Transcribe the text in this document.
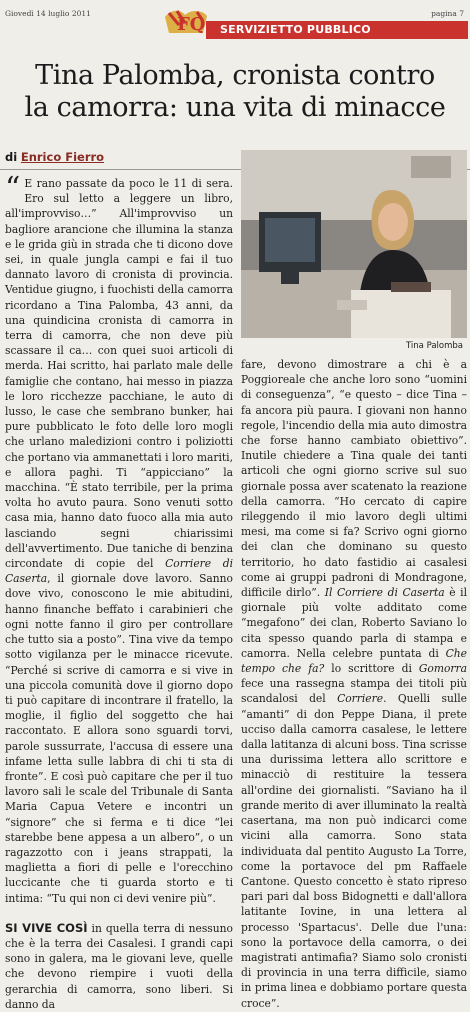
Giovedì 14 luglio 2011
FQ
pagina 7
SERVIZIETTO PUBBLICO
Tina Palomba, cronista contro
la camorra: una vita di minacce
di Enrico Fierro

“ E rano passate da poco le 11 di sera. Ero sul letto a leggere un libro, all'improvviso…” All'improvviso un bagliore arancione che illumina la stanza e le grida giù in strada che ti dicono dove sei, in quale jungla campi e fai il tuo dannato lavoro di cronista di provincia. Ventidue giugno, i fuochisti della camorra ricordano a Tina Palomba, 43 anni, da una quindicina cronista di camorra in terra di camorra, che non deve più scassare il ca… con quei suoi articoli di merda. Hai scritto, hai parlato male delle famiglie che contano, hai messo in piazza le loro ricchezze pacchiane, le auto di lusso, le case che sembrano bunker, hai pure pubblicato le foto delle loro mogli che urlano maledizioni contro i poliziotti che portano via ammanettati i loro mariti, e allora paghi. Ti “appicciano” la macchina. “È stato terribile, per la prima volta ho avuto paura. Sono venuti sotto casa mia, hanno dato fuoco alla mia auto lasciando segni chiarissimi dell'avvertimento. Due taniche di benzina circondate di copie del Corriere di Caserta, il giornale dove lavoro. Sanno dove vivo, conoscono le mie abitudini, hanno finanche beffato i carabinieri che ogni notte fanno il giro per controllare che tutto sia a posto”. Tina vive da tempo sotto vigilanza per le minacce ricevute. “Perché si scrive di camorra e si vive in una piccola comunità dove il giorno dopo ti può capitare di incontrare il fratello, la moglie, il figlio del soggetto che hai raccontato. E allora sono sguardi torvi, parole sussurrate, l'accusa di essere una infame letta sulle labbra di chi ti sta di fronte”. E così può capitare che per il tuo lavoro sali le scale del Tribunale di Santa Maria Capua Vetere e incontri un “signore” che si ferma e ti dice “lei starebbe bene appesa a un albero”, o un ragazzotto con i jeans strappati, la maglietta a fiori di pelle e l'orecchino luccicante che ti guarda storto e ti intima: “Tu qui non ci devi venire più”.

SI VIVE COSÌ in quella terra di nessuno che è la terra dei Casalesi. I grandi capi sono in galera, ma le giovani leve, quelle che devono riempire i vuoti della gerarchia di camorra, sono liberi. Si danno da

Tina Palomba

fare, devono dimostrare a chi è a Poggioreale che anche loro sono “uomini di conseguenza”, “e questo – dice Tina – fa ancora più paura. I giovani non hanno regole, l'incendio della mia auto dimostra che forse hanno cambiato obiettivo”. Inutile chiedere a Tina quale dei tanti articoli che ogni giorno scrive sul suo giornale possa aver scatenato la reazione della camorra. “Ho cercato di capire rileggendo il mio lavoro degli ultimi mesi, ma come si fa? Scrivo ogni giorno dei clan che dominano su questo territorio, ho dato fastidio ai casalesi come ai gruppi padroni di Mondragone, difficile dirlo”. Il Corriere di Caserta è il giornale più volte additato come “megafono” dei clan, Roberto Saviano lo cita spesso quando parla di stampa e camorra. Nella celebre puntata di Che tempo che fa? lo scrittore di Gomorra fece una rassegna stampa dei titoli più scandalosi del Corriere. Quelli sulle “amanti” di don Peppe Diana, il prete ucciso dalla camorra casalese, le lettere dalla latitanza di alcuni boss. Tina scrisse una durissima lettera allo scrittore e minacciò di restituire la tessera all'ordine dei giornalisti. “Saviano ha il grande merito di aver illuminato la realtà casertana, ma non può indicarci come vicini alla camorra. Sono stata individuata dal pentito Augusto La Torre, come la portavoce del pm Raffaele Cantone. Questo concetto è stato ripreso pari pari dal boss Bidognetti e dall'allora latitante Iovine, in una lettera al processo 'Spartacus'. Delle due l'una: sono la portavoce della camorra, o dei magistrati antimafia? Siamo solo cronisti di provincia in una terra difficile, siamo in prima linea e dobbiamo portare questa croce”.
